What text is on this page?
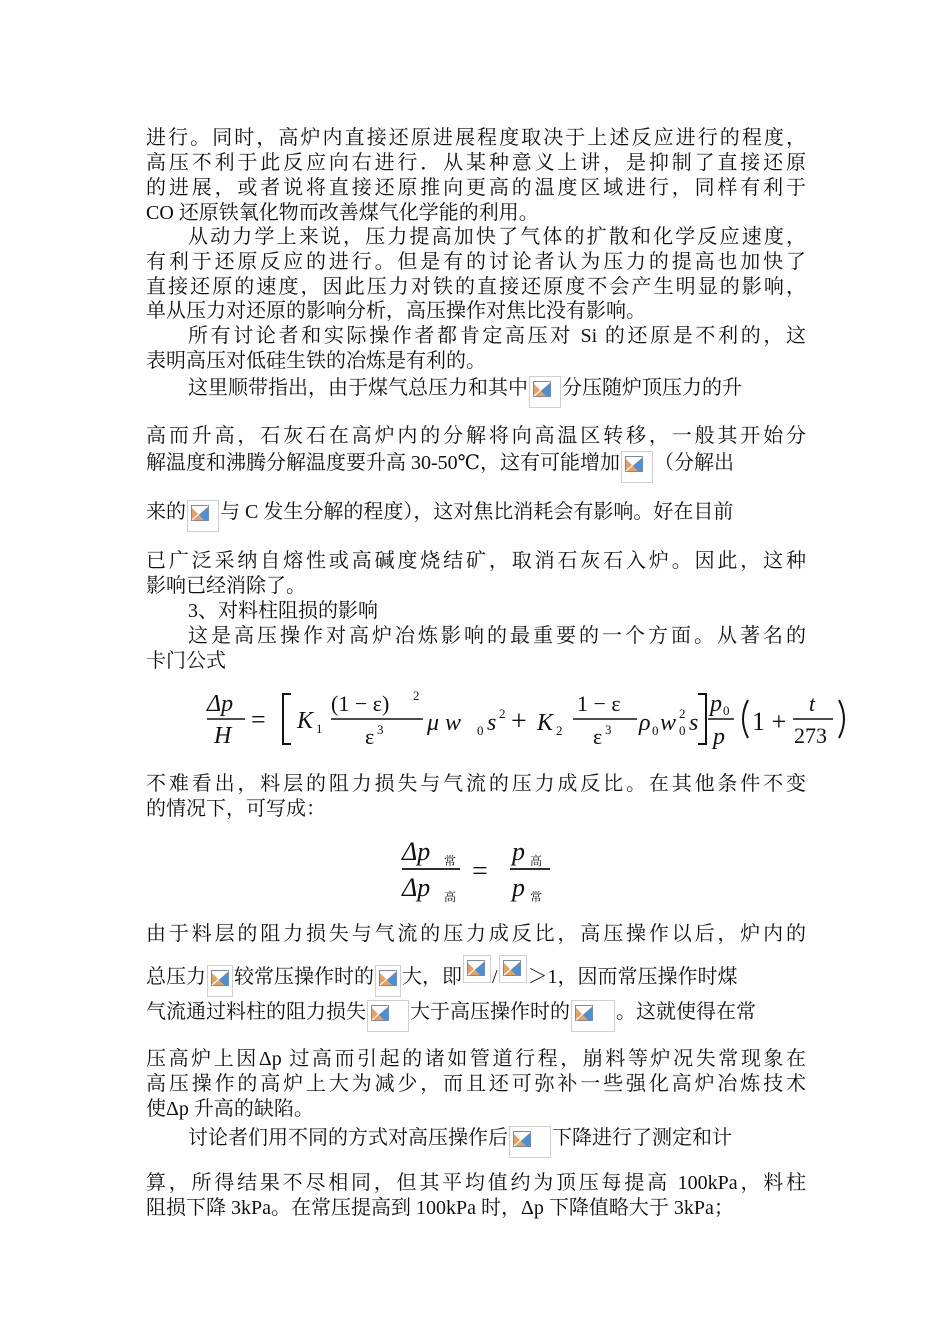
进行。同时，高炉内直接还原进展程度取决于上述反应进行的程度，
高压不利于此反应向右进行．从某种意义上讲，是抑制了直接还原
的进展，或者说将直接还原推向更高的温度区域进行，同样有利于
CO 还原铁氧化物而改善煤气化学能的利用。
从动力学上来说，压力提高加快了气体的扩散和化学反应速度，
有利于还原反应的进行。但是有的讨论者认为压力的提高也加快了
直接还原的速度，因此压力对铁的直接还原度不会产生明显的影响，
单从压力对还原的影响分析，高压操作对焦比没有影响。
所有讨论者和实际操作者都肯定高压对 Si 的还原是不利的，这
表明高压对低硅生铁的冶炼是有利的。
这里顺带指出，由于煤气总压力和其中 分压随炉顶压力的升
高而升高，石灰石在高炉内的分解将向高温区转移，一般其开始分
解温度和沸腾分解温度要升高 30-50℃，这有可能增加 （分解出
来的 与 C 发生分解的程度），这对焦比消耗会有影响。好在目前
已广泛采纳自熔性或高碱度烧结矿，取消石灰石入炉。因此，这种
影响已经消除了。
3、对料柱阻损的影响
这是高压操作对高炉冶炼影响的最重要的一个方面。从著名的
卡门公式
Δp
H
= K 1
(1 − ε) 2
ε 3 μ w 0 s 2 + K 2
1 − ε
ε 3 ρ 0 w 2
0 s
p 0
p
1 +
t
273
不难看出，料层的阻力损失与气流的压力成反比。在其他条件不变
的情况下，可写成：
Δp 常
Δp 高
=
p 高
p 常
由于料层的阻力损失与气流的压力成反比，高压操作以后，炉内的
总压力 较常压操作时的 大，即 / ＞1，因而常压操作时煤
气流通过料柱的阻力损失 大于高压操作时的 。这就使得在常
压高炉上因Δp 过高而引起的诸如管道行程，崩料等炉况失常现象在
高压操作的高炉上大为减少，而且还可弥补一些强化高炉冶炼技术
使Δp 升高的缺陷。
讨论者们用不同的方式对高压操作后 下降进行了测定和计
算，所得结果不尽相同，但其平均值约为顶压每提高 100kPa，料柱
阻损下降 3kPa。在常压提高到 100kPa 时，Δp 下降值略大于 3kPa；
